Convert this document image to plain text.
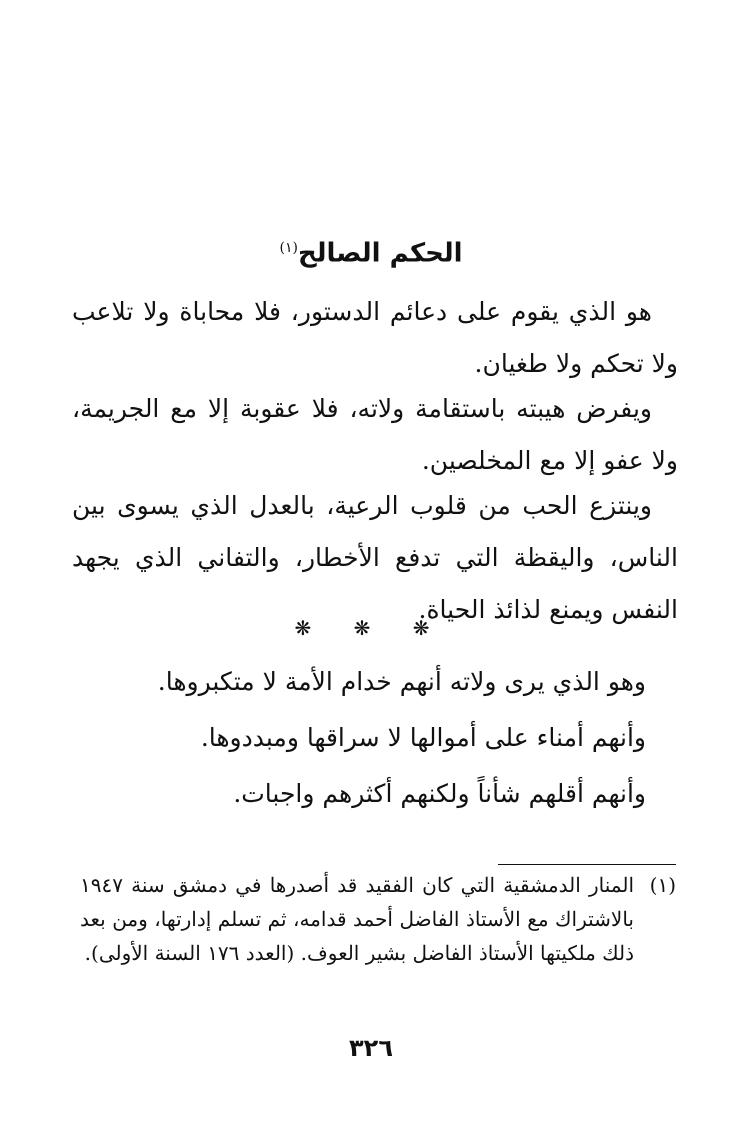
الحكم الصالح$^{(١)}$

هو الذي يقوم على دعائم الدستور، فلا محاباة ولا تلاعب ولا تحكم ولا طغيان.

ويفرض هيبته باستقامة ولاته، فلا عقوبة إلا مع الجريمة، ولا عفو إلا مع المخلصين.

وينتزع الحب من قلوب الرعية، بالعدل الذي يسوى بين الناس، واليقظة التي تدفع الأخطار، والتفاني الذي يجهد النفس ويمنع لذائذ الحياة.

❋ ❋ ❋

وهو الذي يرى ولاته أنهم خدام الأمة لا متكبروها.

وأنهم أمناء على أموالها لا سراقها ومبددوها.

وأنهم أقلهم شأناً ولكنهم أكثرهم واجبات.

(١)
المنار الدمشقية التي كان الفقيد قد أصدرها في دمشق سنة ١٩٤٧ بالاشتراك مع الأستاذ الفاضل أحمد قدامه، ثم تسلم إدارتها، ومن بعد ذلك ملكيتها الأستاذ الفاضل بشير العوف. (العدد ١٧٦ السنة الأولى).
٣٢٦
